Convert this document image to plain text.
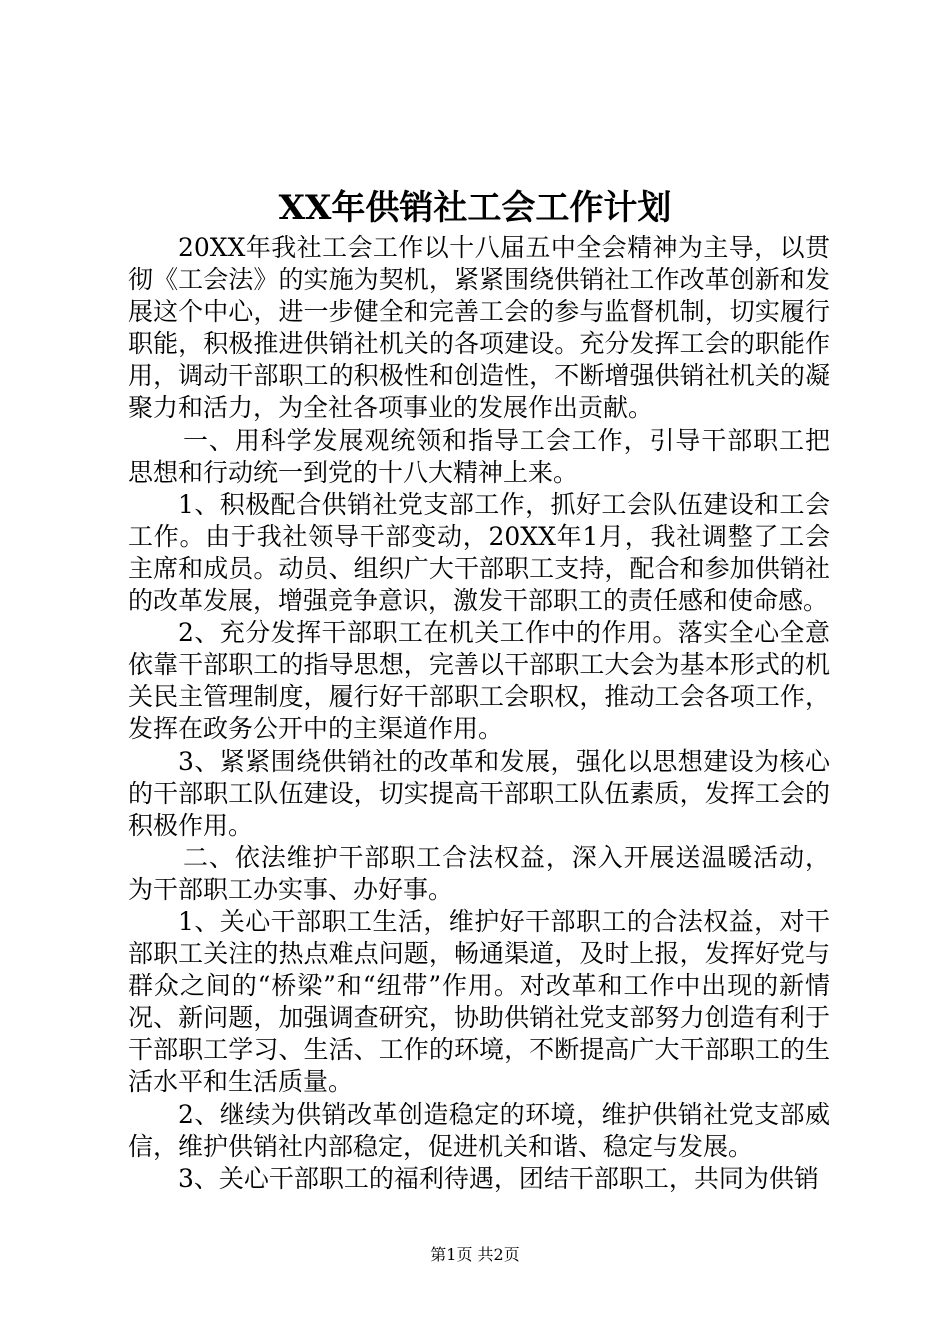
XX年供销社工会工作计划

20XX年我社工会工作以十八届五中全会精神为主导，以贯彻《工会法》的实施为契机，紧紧围绕供销社工作改革创新和发展这个中心，进一步健全和完善工会的参与监督机制，切实履行职能，积极推进供销社机关的各项建设。充分发挥工会的职能作用，调动干部职工的积极性和创造性，不断增强供销社机关的凝聚力和活力，为全社各项事业的发展作出贡献。

一、用科学发展观统领和指导工会工作，引导干部职工把思想和行动统一到党的十八大精神上来。

1、积极配合供销社党支部工作，抓好工会队伍建设和工会工作。由于我社领导干部变动，20XX年1月，我社调整了工会主席和成员。动员、组织广大干部职工支持，配合和参加供销社的改革发展，增强竞争意识，激发干部职工的责任感和使命感。

2、充分发挥干部职工在机关工作中的作用。落实全心全意依靠干部职工的指导思想，完善以干部职工大会为基本形式的机关民主管理制度，履行好干部职工会职权，推动工会各项工作，发挥在政务公开中的主渠道作用。

3、紧紧围绕供销社的改革和发展，强化以思想建设为核心的干部职工队伍建设，切实提高干部职工队伍素质，发挥工会的积极作用。

二、依法维护干部职工合法权益，深入开展送温暖活动，为干部职工办实事、办好事。

1、关心干部职工生活，维护好干部职工的合法权益，对干部职工关注的热点难点问题，畅通渠道，及时上报，发挥好党与群众之间的“桥梁”和“纽带”作用。对改革和工作中出现的新情况、新问题，加强调查研究，协助供销社党支部努力创造有利于干部职工学习、生活、工作的环境，不断提高广大干部职工的生活水平和生活质量。

2、继续为供销改革创造稳定的环境，维护供销社党支部威信，维护供销社内部稳定，促进机关和谐、稳定与发展。

3、关心干部职工的福利待遇，团结干部职工，共同为供销

第1页 共2页
